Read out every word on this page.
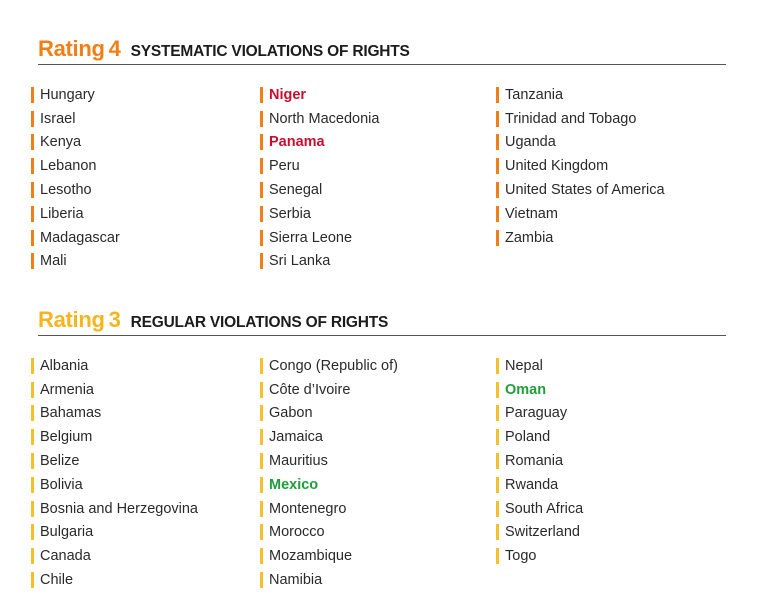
Rating 4 SYSTEMATIC VIOLATIONS OF RIGHTS
Hungary
Israel
Kenya
Lebanon
Lesotho
Liberia
Madagascar
Mali
Niger
North Macedonia
Panama
Peru
Senegal
Serbia
Sierra Leone
Sri Lanka
Tanzania
Trinidad and Tobago
Uganda
United Kingdom
United States of America
Vietnam
Zambia
Rating 3 REGULAR VIOLATIONS OF RIGHTS
Albania
Armenia
Bahamas
Belgium
Belize
Bolivia
Bosnia and Herzegovina
Bulgaria
Canada
Chile
Congo (Republic of)
Côte d’Ivoire
Gabon
Jamaica
Mauritius
Mexico
Montenegro
Morocco
Mozambique
Namibia
Nepal
Oman
Paraguay
Poland
Romania
Rwanda
South Africa
Switzerland
Togo
